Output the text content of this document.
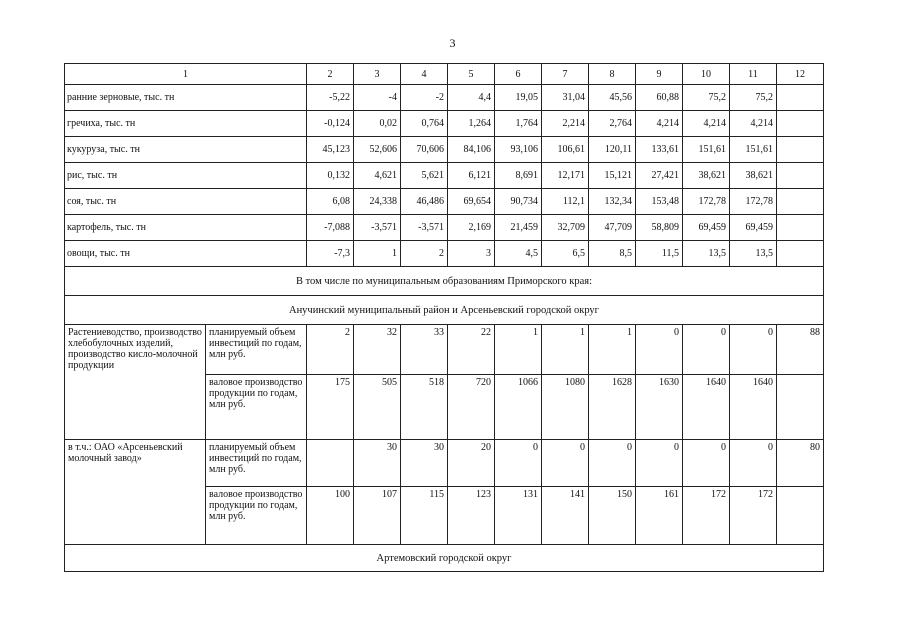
3
1		2	3	4	5	6	7	8	9	10	11	12
ранние зерновые, тыс. тн		-5,22	-4	-2	4,4	19,05	31,04	45,56	60,88	75,2	75,2	
гречиха, тыс. тн		-0,124	0,02	0,764	1,264	1,764	2,214	2,764	4,214	4,214	4,214	
кукуруза, тыс. тн		45,123	52,606	70,606	84,106	93,106	106,61	120,11	133,61	151,61	151,61	
рис, тыс. тн		0,132	4,621	5,621	6,121	8,691	12,171	15,121	27,421	38,621	38,621	
соя, тыс. тн		6,08	24,338	46,486	69,654	90,734	112,1	132,34	153,48	172,78	172,78	
картофель, тыс. тн		-7,088	-3,571	-3,571	2,169	21,459	32,709	47,709	58,809	69,459	69,459	
овощи, тыс. тн		-7,3	1	2	3	4,5	6,5	8,5	11,5	13,5	13,5	
В том числе по муниципальным образованиям Приморского края:												
Анучинский муниципальный район и Арсеньевский городской округ												
Растениеводство, производство хлебобулочных изделий, производство кисло-молочной продукции	планируемый объем инвестиций по годам, млн руб.	2	32	33	22	1	1	1	0	0	0	88
	валовое производство продукции по годам, млн руб.	175	505	518	720	1066	1080	1628	1630	1640	1640	
в т.ч.: ОАО «Арсеньевский молочный завод»	планируемый объем инвестиций по годам, млн руб.		30	30	20	0	0	0	0	0	0	80
	валовое производство продукции по годам, млн руб.	100	107	115	123	131	141	150	161	172	172	
Артемовский городской округ												
